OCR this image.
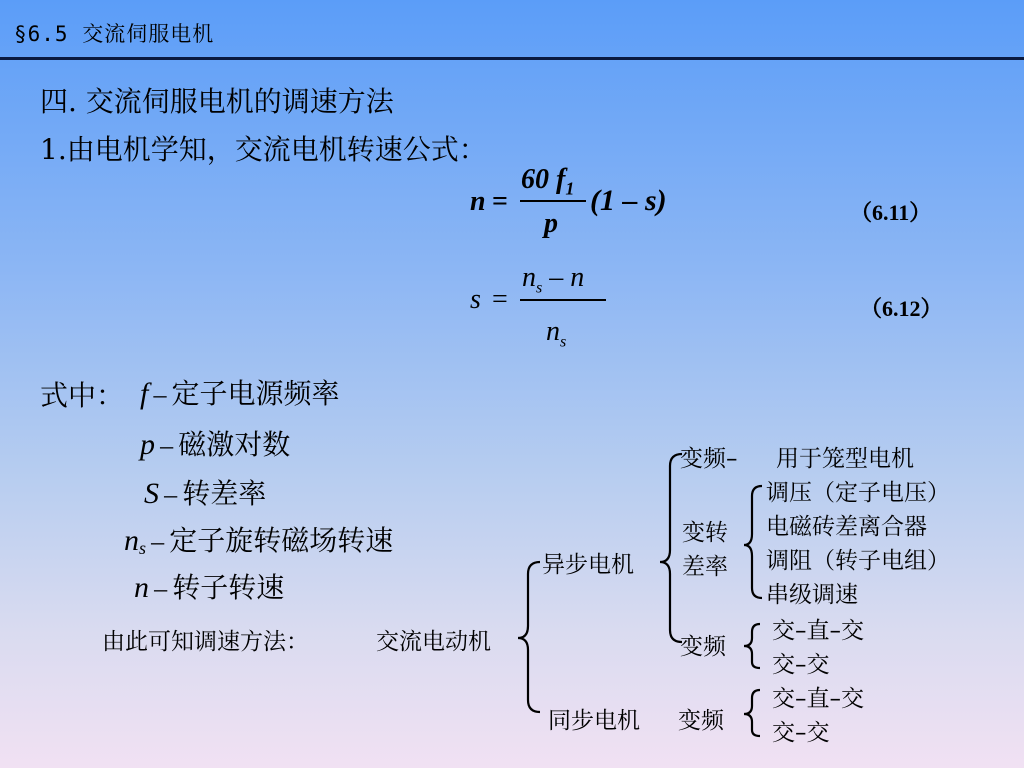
§6.5 交流伺服电机
四. 交流伺服电机的调速方法
1.由电机学知，交流电机转速公式：
n =
60 $f_1$
p
(1 – s)	（6.11）
s =
$n_s$ – n
$n_s$
（6.12）
式中： f – 定子电源频率
p – 磁激对数
S – 转差率
$n_s$ – 定子旋转磁场转速
n – 转子转速
由此可知调速方法：	交流电动机
异步电机
变频– 用于笼型电机
变转
差率
调压（定子电压）
电磁砖差离合器
调阻（转子电组）
串级调速
变频
交–直–交
交–交
同步电机 变频
交–直–交
交–交
